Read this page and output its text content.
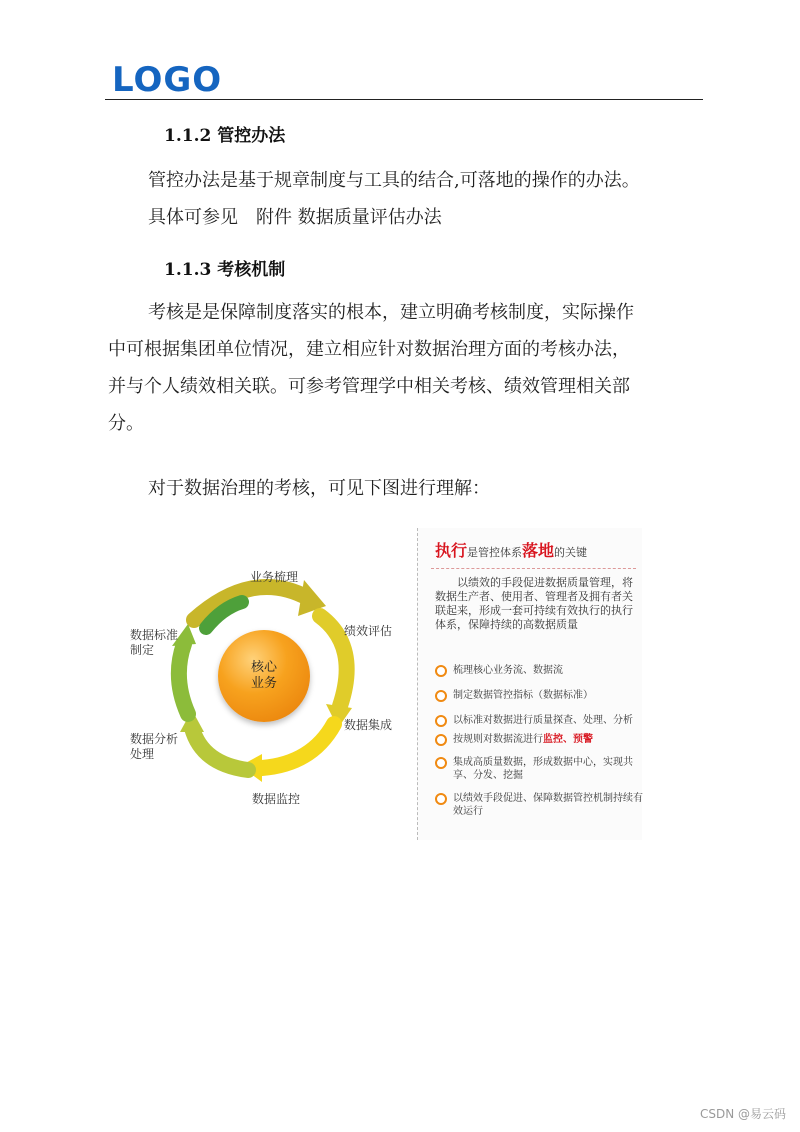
LOGO
1.1.2 管控办法

管控办法是基于规章制度与工具的结合,可落地的操作的办法。

具体可参见　附件 数据质量评估办法

1.1.3 考核机制

考核是是保障制度落实的根本，建立明确考核制度，实际操作

中可根据集团单位情况，建立相应针对数据治理方面的考核办法，

并与个人绩效相关联。可参考管理学中相关考核、绩效管理相关部

分。

对于数据治理的考核，可见下图进行理解：
核心
业务
业务梳理
绩效评估
数据集成
数据监控
数据分析
处理
数据标准
制定
执行是管控体系落地的关键
以绩效的手段促进数据质量管理，将数据生产者、使用者、管理者及拥有者关联起来，形成一套可持续有效执行的执行体系，保障持续的高数据质量
梳理核心业务流、数据流
制定数据管控指标（数据标准）
以标准对数据进行质量探查、处理、分析
按规则对数据流进行监控、预警
集成高质量数据，形成数据中心，实现共享、分发、挖掘
以绩效手段促进、保障数据管控机制持续有效运行
CSDN @易云码
